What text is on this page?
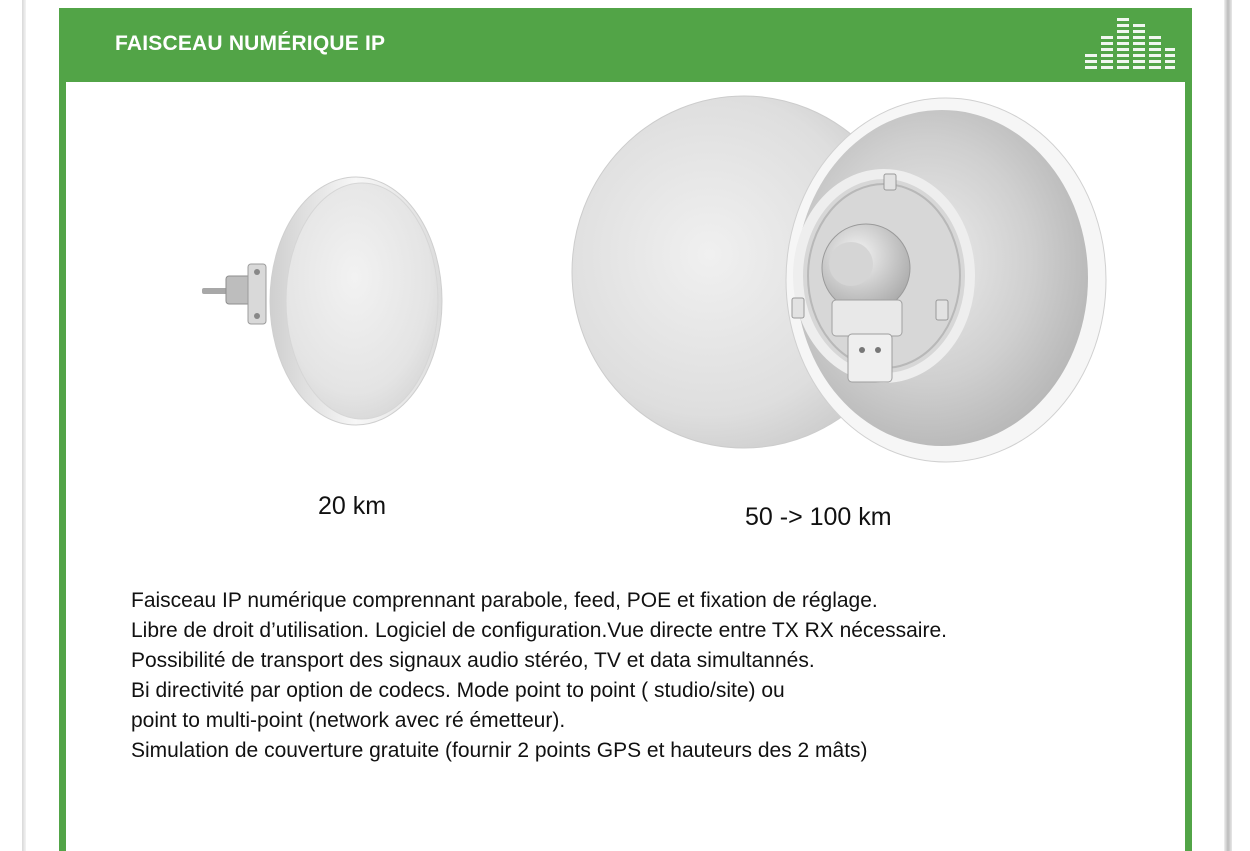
FAISCEAU NUMÉRIQUE IP

20 km	50 -> 100 km

Faisceau IP numérique comprennant parabole, feed, POE et fixation de réglage.
Libre de droit d’utilisation. Logiciel de configuration.Vue directe entre TX RX nécessaire.
Possibilité de transport des signaux audio stéréo, TV et data simultannés.
Bi directivité par option de codecs. Mode point to point ( studio/site) ou
point to multi-point (network avec ré émetteur).
Simulation de couverture gratuite (fournir 2 points GPS et hauteurs des 2 mâts)
